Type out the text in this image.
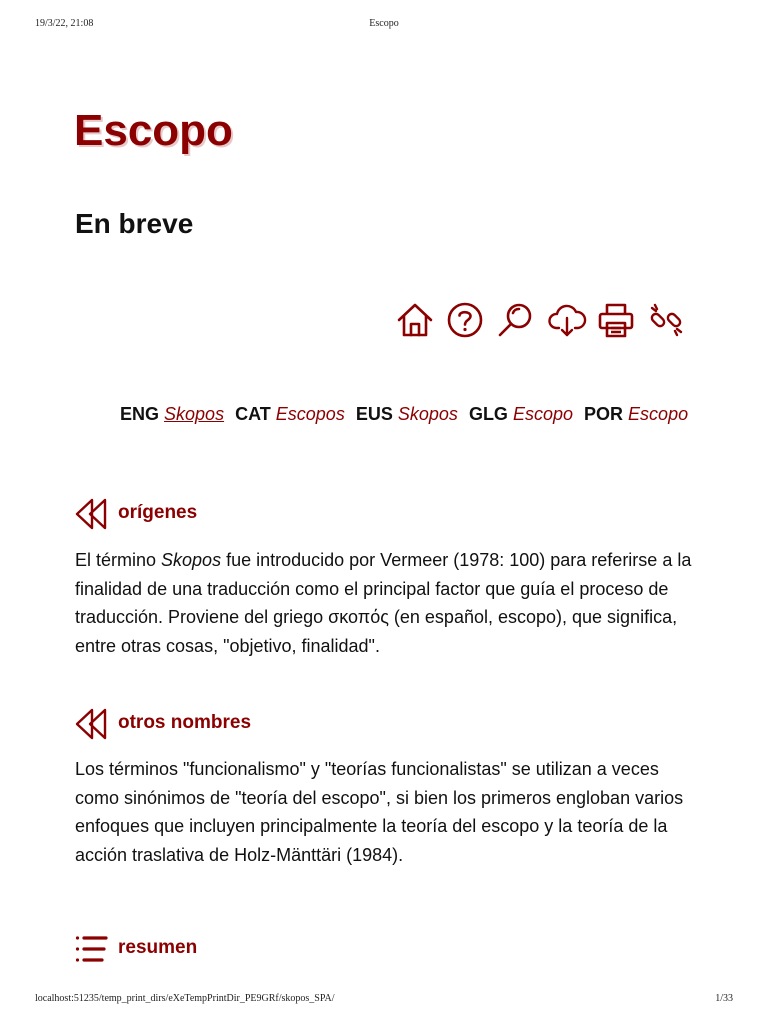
19/3/22, 21:08	Escopo
Escopo
En breve
ENG Skopos CAT Escopos EUS Skopos GLG Escopo POR Escopo
orígenes

El término Skopos fue introducido por Vermeer (1978: 100) para referirse a la finalidad de una traducción como el principal factor que guía el proceso de traducción. Proviene del griego σκοπός (en español, escopo), que significa, entre otras cosas, "objetivo, finalidad".

otros nombres

Los términos "funcionalismo" y "teorías funcionalistas" se utilizan a veces como sinónimos de "teoría del escopo", si bien los primeros engloban varios enfoques que incluyen principalmente la teoría del escopo y la teoría de la acción traslativa de Holz-Mänttäri (1984).

resumen
localhost:51235/temp_print_dirs/eXeTempPrintDir_PE9GRf/skopos_SPA/	1/33
